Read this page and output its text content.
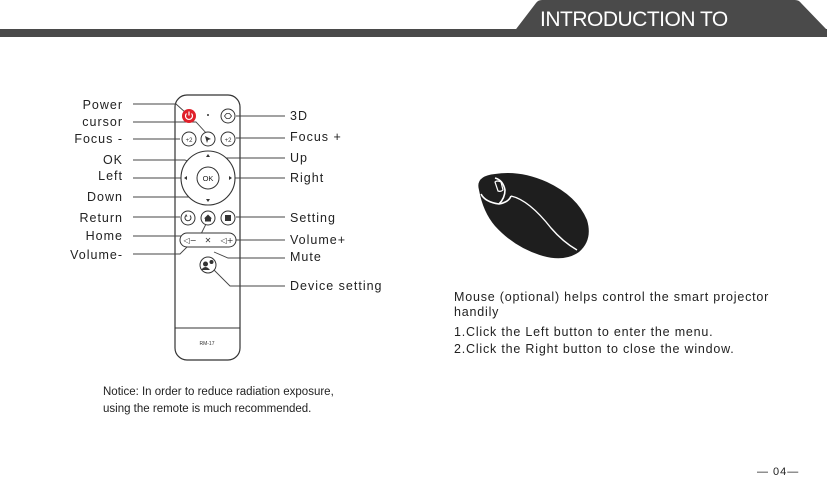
INTRODUCTION TO REMOTE
+2	+2
OK
◁− ✕ ◁+
RM-17
Power
cursor
Focus -
OK
Left
Down
Return
Home
Volume-
3D
Focus +
Up
Right
Setting
Volume+
Mute
Device setting
Mouse (optional) helps control the smart projector
handily
1.Click the Left button to enter the menu.
2.Click the Right button to close the window.
Notice: In order to reduce radiation exposure,
using the remote is much recommended.
— 04—
